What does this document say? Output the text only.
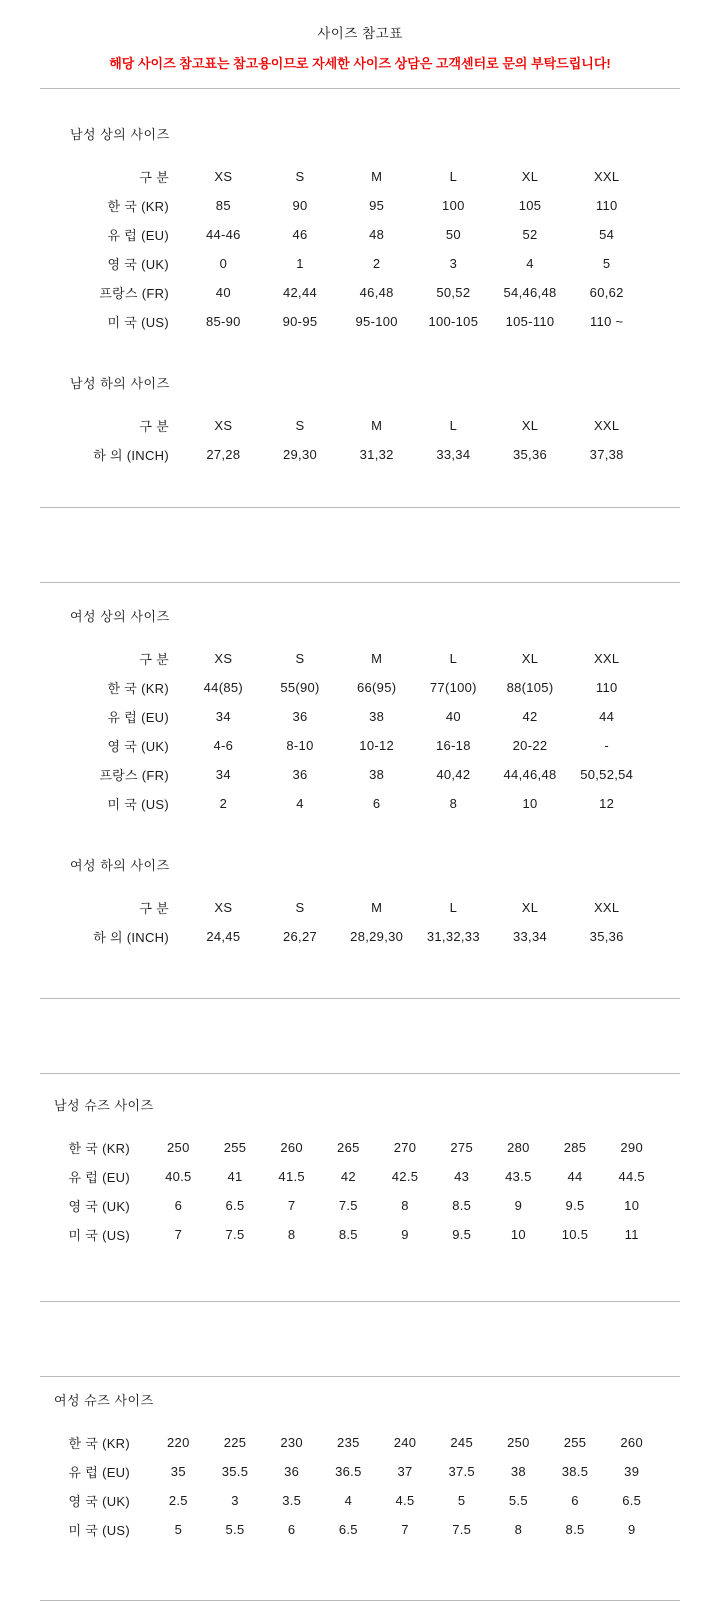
사이즈 참고표

해당 사이즈 참고표는 참고용이므로 자세한 사이즈 상담은 고객센터로 문의 부탁드립니다!

남성 상의 사이즈
구 분	XS	S	M	L	XL	XXL
한 국 (KR)	85	90	95	100	105	110
유 럽 (EU)	44-46	46	48	50	52	54
영 국 (UK)	0	1	2	3	4	5
프랑스 (FR)	40	42,44	46,48	50,52	54,46,48	60,62
미 국 (US)	85-90	90-95	95-100	100-105	105-110	110 ~
남성 하의 사이즈
구 분	XS	S	M	L	XL	XXL
하 의 (INCH)	27,28	29,30	31,32	33,34	35,36	37,38
여성 상의 사이즈
구 분	XS	S	M	L	XL	XXL
한 국 (KR)	44(85)	55(90)	66(95)	77(100)	88(105)	110
유 럽 (EU)	34	36	38	40	42	44
영 국 (UK)	4-6	8-10	10-12	16-18	20-22	-
프랑스 (FR)	34	36	38	40,42	44,46,48	50,52,54
미 국 (US)	2	4	6	8	10	12
여성 하의 사이즈
구 분	XS	S	M	L	XL	XXL
하 의 (INCH)	24,45	26,27	28,29,30	31,32,33	33,34	35,36
남성 슈즈 사이즈
한 국 (KR)	250	255	260	265	270	275	280	285	290
유 럽 (EU)	40.5	41	41.5	42	42.5	43	43.5	44	44.5
영 국 (UK)	6	6.5	7	7.5	8	8.5	9	9.5	10
미 국 (US)	7	7.5	8	8.5	9	9.5	10	10.5	11
여성 슈즈 사이즈
한 국 (KR)	220	225	230	235	240	245	250	255	260
유 럽 (EU)	35	35.5	36	36.5	37	37.5	38	38.5	39
영 국 (UK)	2.5	3	3.5	4	4.5	5	5.5	6	6.5
미 국 (US)	5	5.5	6	6.5	7	7.5	8	8.5	9
